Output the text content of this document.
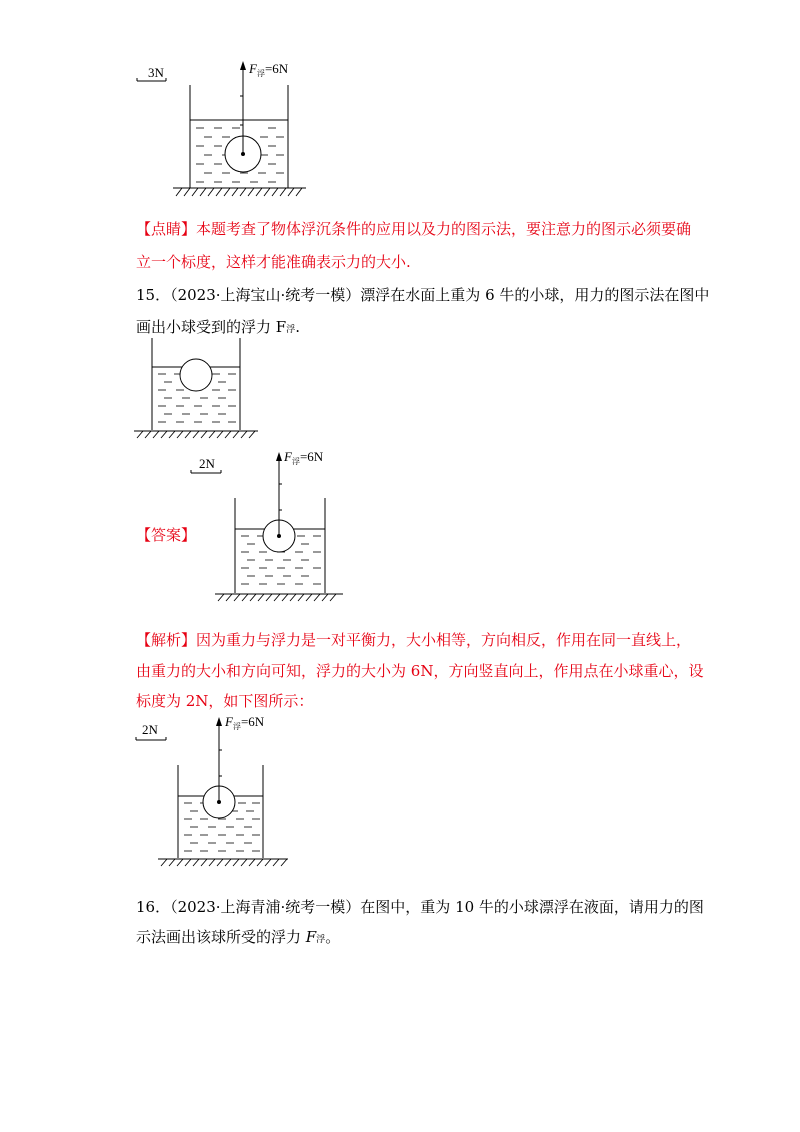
3N	$F_浮=6N$
【点睛】本题考查了物体浮沉条件的应用以及力的图示法，要注意力的图示必须要确
立一个标度，这样才能准确表示力的大小.
15．（2023·上海宝山·统考一模）漂浮在水面上重为 6 牛的小球，用力的图示法在图中
画出小球受到的浮力 F浮.
【答案】
2N	$F_浮=6N$
【解析】因为重力与浮力是一对平衡力，大小相等，方向相反，作用在同一直线上，
由重力的大小和方向可知，浮力的大小为 6N，方向竖直向上，作用点在小球重心，设
标度为 2N，如下图所示：
2N
$F_浮=6N$
16．（2023·上海青浦·统考一模）在图中，重为 10 牛的小球漂浮在液面，请用力的图
示法画出该球所受的浮力 F浮。
